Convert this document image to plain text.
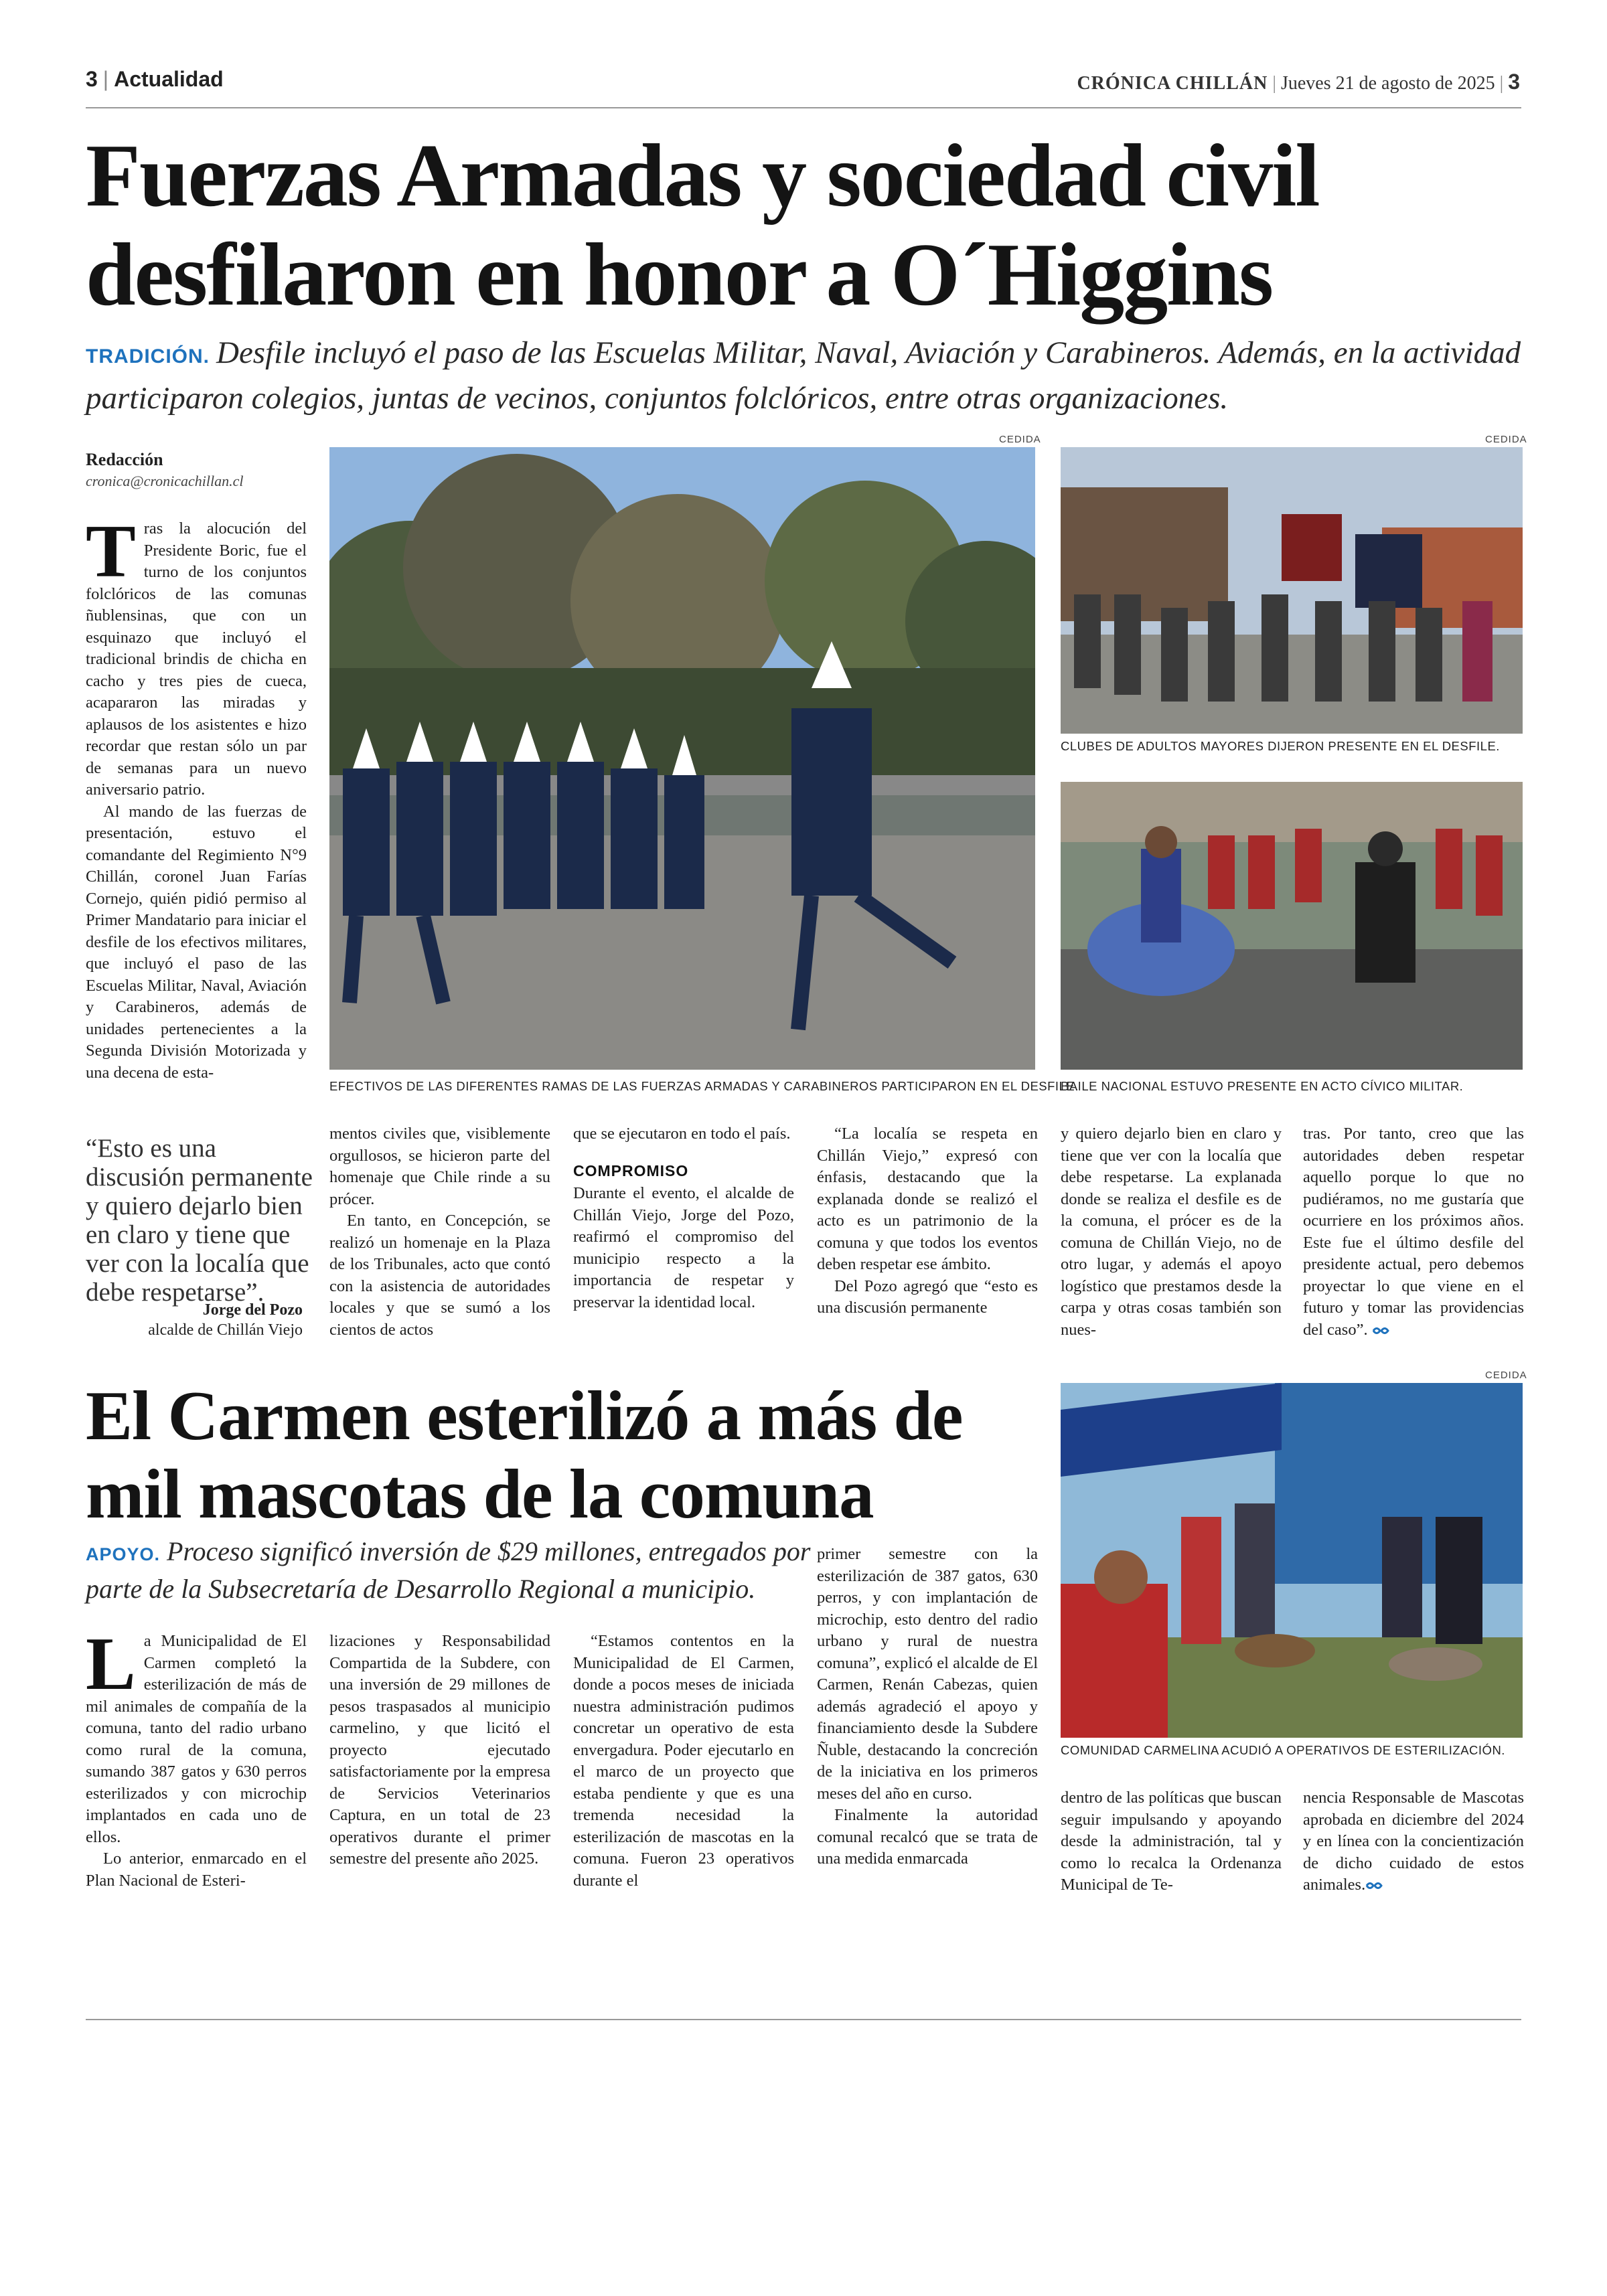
3 | Actualidad	CRÓNICA CHILLÁN | Jueves 21 de agosto de 2025 | 3
Fuerzas Armadas y sociedad civil
desfilaron en honor a O´Higgins
TRADICIÓN. Desfile incluyó el paso de las Escuelas Militar, Naval, Aviación y Carabineros. Además, en la actividad participaron colegios, juntas de vecinos, conjuntos folclóricos, entre otras organizaciones.
Redacción
cronica@cronicachillan.cl

Tras la alocución del Presidente Boric, fue el turno de los conjuntos folclóricos de las comunas ñublensinas, que con un esquinazo que incluyó el tradicional brindis de chicha en cacho y tres pies de cueca, acapararon las miradas y aplausos de los asistentes e hizo recordar que restan sólo un par de semanas para un nuevo aniversario patrio.

Al mando de las fuerzas de presentación, estuvo el comandante del Regimiento N°9 Chillán, coronel Juan Farías Cornejo, quién pidió permiso al Primer Mandatario para iniciar el desfile de los efectivos militares, que incluyó el paso de las Escuelas Militar, Naval, Aviación y Carabineros, además de unidades pertenecientes a la Segunda División Motorizada y una decena de esta-

CEDIDA
EFECTIVOS DE LAS DIFERENTES RAMAS DE LAS FUERZAS ARMADAS Y CARABINEROS PARTICIPARON EN EL DESFILE.
CEDIDA
CLUBES DE ADULTOS MAYORES DIJERON PRESENTE EN EL DESFILE.
BAILE NACIONAL ESTUVO PRESENTE EN ACTO CÍVICO MILITAR.
“Esto es una discusión permanente y quiero dejarlo bien en claro y tiene que ver con la localía que debe respetarse”.
Jorge del Pozo
alcalde de Chillán Viejo

mentos civiles que, visiblemente orgullosos, se hicieron parte del homenaje que Chile rinde a su prócer.

En tanto, en Concepción, se realizó un homenaje en la Plaza de los Tribunales, acto que contó con la asistencia de autoridades locales y que se sumó a los cientos de actos

que se ejecutaron en todo el país.

COMPROMISO

Durante el evento, el alcalde de Chillán Viejo, Jorge del Pozo, reafirmó el compromiso del municipio respecto a la importancia de respetar y preservar la identidad local.

“La localía se respeta en Chillán Viejo,” expresó con énfasis, destacando que la explanada donde se realizó el acto es un patrimonio de la comuna y que todos los eventos deben respetar ese ámbito.

Del Pozo agregó que “esto es una discusión permanente

y quiero dejarlo bien en claro y tiene que ver con la localía que debe respetarse. La explanada donde se realiza el desfile es de la comuna, el prócer es de la comuna de Chillán Viejo, no de otro lugar, y además el apoyo logístico que prestamos desde la carpa y otras cosas también son nues-

tras. Por tanto, creo que las autoridades deben respetar aquello porque lo que no pudiéramos, no me gustaría que ocurriere en los próximos años. Este fue el último desfile del presidente actual, pero debemos proyectar lo que viene en el futuro y tomar las providencias del caso”.

El Carmen esterilizó a más de
mil mascotas de la comuna
APOYO. Proceso significó inversión de $29 millones, entregados por parte de la Subsecretaría de Desarrollo Regional a municipio.

La Municipalidad de El Carmen completó la esterilización de más de mil animales de compañía de la comuna, tanto del radio urbano como rural de la comuna, sumando 387 gatos y 630 perros esterilizados y con microchip implantados en cada uno de ellos.

Lo anterior, enmarcado en el Plan Nacional de Esteri-

lizaciones y Responsabilidad Compartida de la Subdere, con una inversión de 29 millones de pesos traspasados al municipio carmelino, y que licitó el proyecto ejecutado satisfactoriamente por la empresa de Servicios Veterinarios Captura, en un total de 23 operativos durante el primer semestre del presente año 2025.

“Estamos contentos en la Municipalidad de El Carmen, donde a pocos meses de iniciada nuestra administración pudimos concretar un operativo de esta envergadura. Poder ejecutarlo en el marco de un proyecto que estaba pendiente y que es una tremenda necesidad la esterilización de mascotas en la comuna. Fueron 23 operativos durante el

primer semestre con la esterilización de 387 gatos, 630 perros, y con implantación de microchip, esto dentro del radio urbano y rural de nuestra comuna”, explicó el alcalde de El Carmen, Renán Cabezas, quien además agradeció el apoyo y financiamiento desde la Subdere Ñuble, destacando la concreción de la iniciativa en los primeros meses del año en curso.

Finalmente la autoridad comunal recalcó que se trata de una medida enmarcada

CEDIDA
COMUNIDAD CARMELINA ACUDIÓ A OPERATIVOS DE ESTERILIZACIÓN.

dentro de las políticas que buscan seguir impulsando y apoyando desde la administración, tal y como lo recalca la Ordenanza Municipal de Te-

nencia Responsable de Mascotas aprobada en diciembre del 2024 y en línea con la concientización de dicho cuidado de estos animales.
